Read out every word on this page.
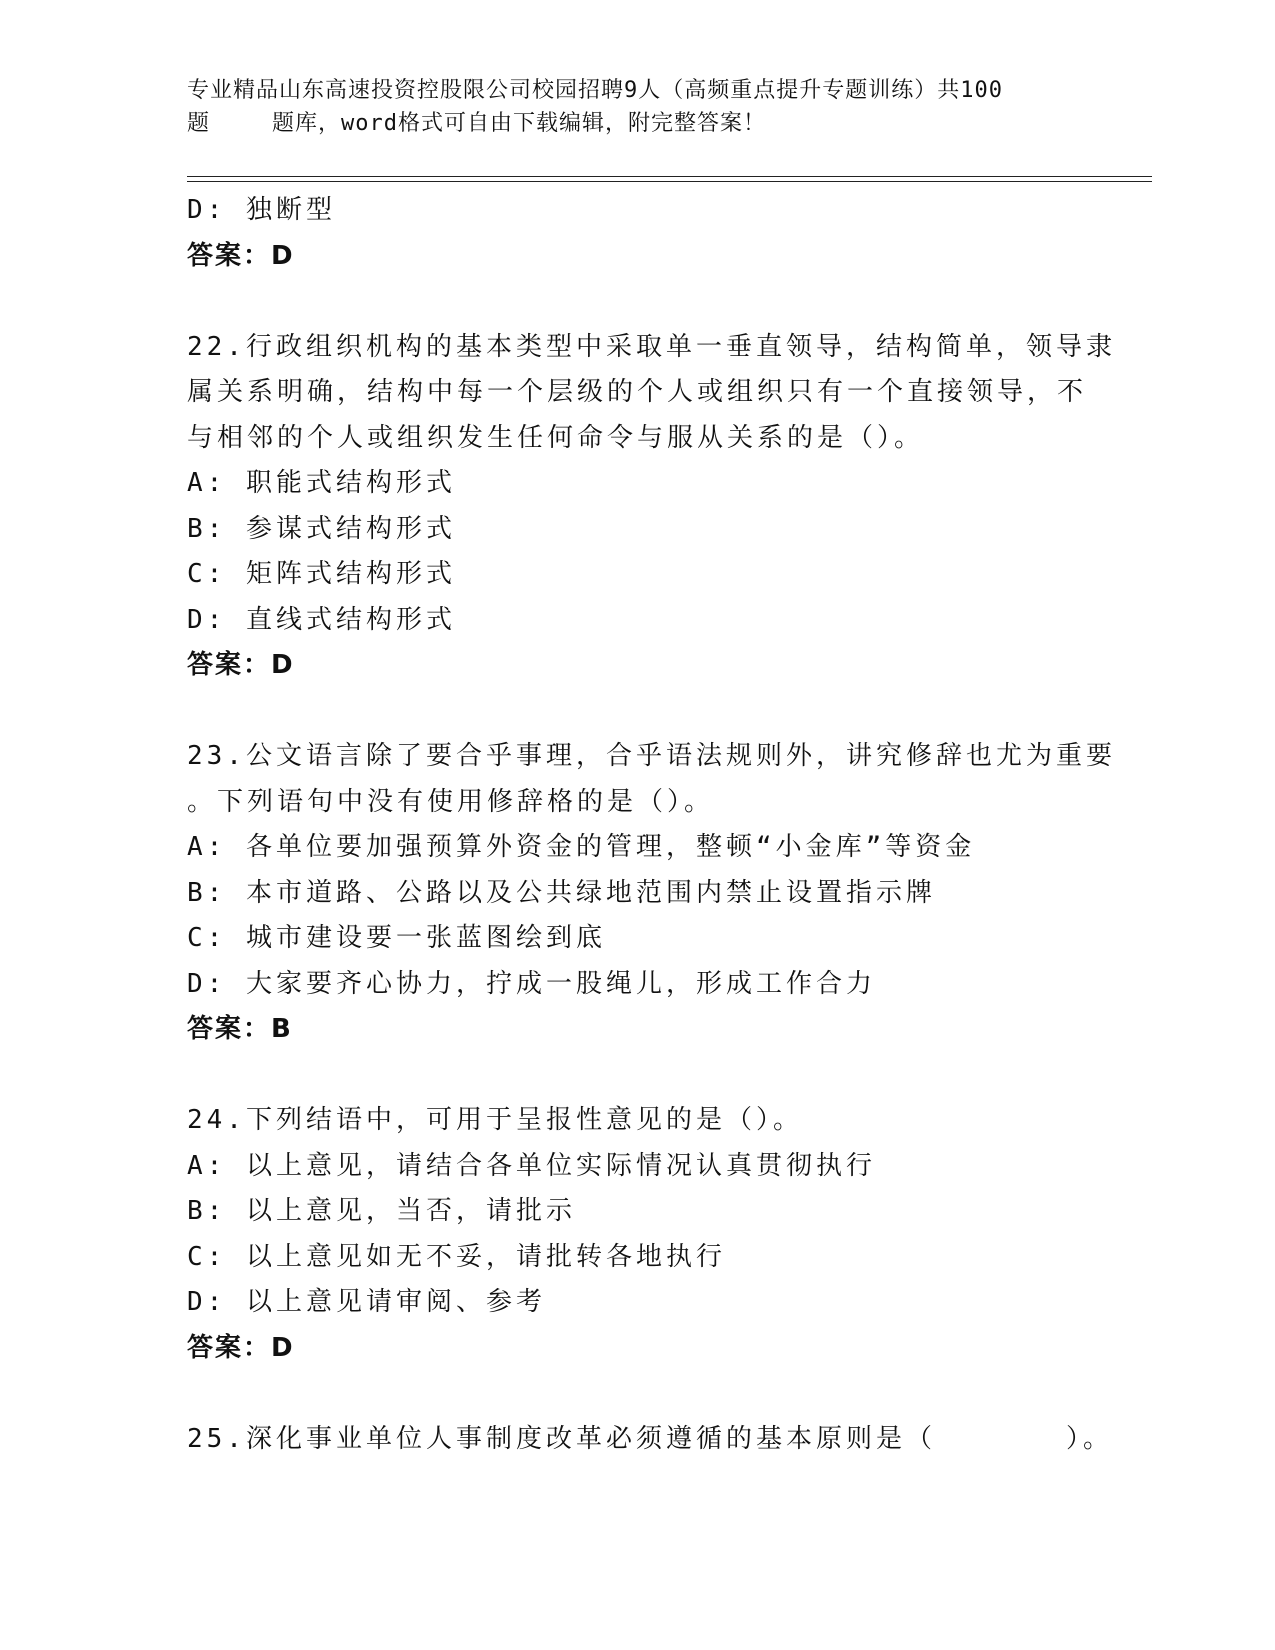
专业精品山东高速投资控股限公司校园招聘9人（高频重点提升专题训练）共100
题	题库，word格式可自由下载编辑，附完整答案！
D: 独断型
答案：D
22.行政组织机构的基本类型中采取单一垂直领导，结构简单，领导隶
属关系明确，结构中每一个层级的个人或组织只有一个直接领导，不
与相邻的个人或组织发生任何命令与服从关系的是（）。
A: 职能式结构形式
B: 参谋式结构形式
C: 矩阵式结构形式
D: 直线式结构形式
答案：D
23.公文语言除了要合乎事理，合乎语法规则外，讲究修辞也尤为重要
。下列语句中没有使用修辞格的是（）。
A: 各单位要加强预算外资金的管理，整顿“小金库”等资金
B: 本市道路、公路以及公共绿地范围内禁止设置指示牌
C: 城市建设要一张蓝图绘到底
D: 大家要齐心协力，拧成一股绳儿，形成工作合力
答案：B
24.下列结语中，可用于呈报性意见的是（）。
A: 以上意见，请结合各单位实际情况认真贯彻执行
B: 以上意见，当否，请批示
C: 以上意见如无不妥，请批转各地执行
D: 以上意见请审阅、参考
答案：D
25.深化事业单位人事制度改革必须遵循的基本原则是（	）。
